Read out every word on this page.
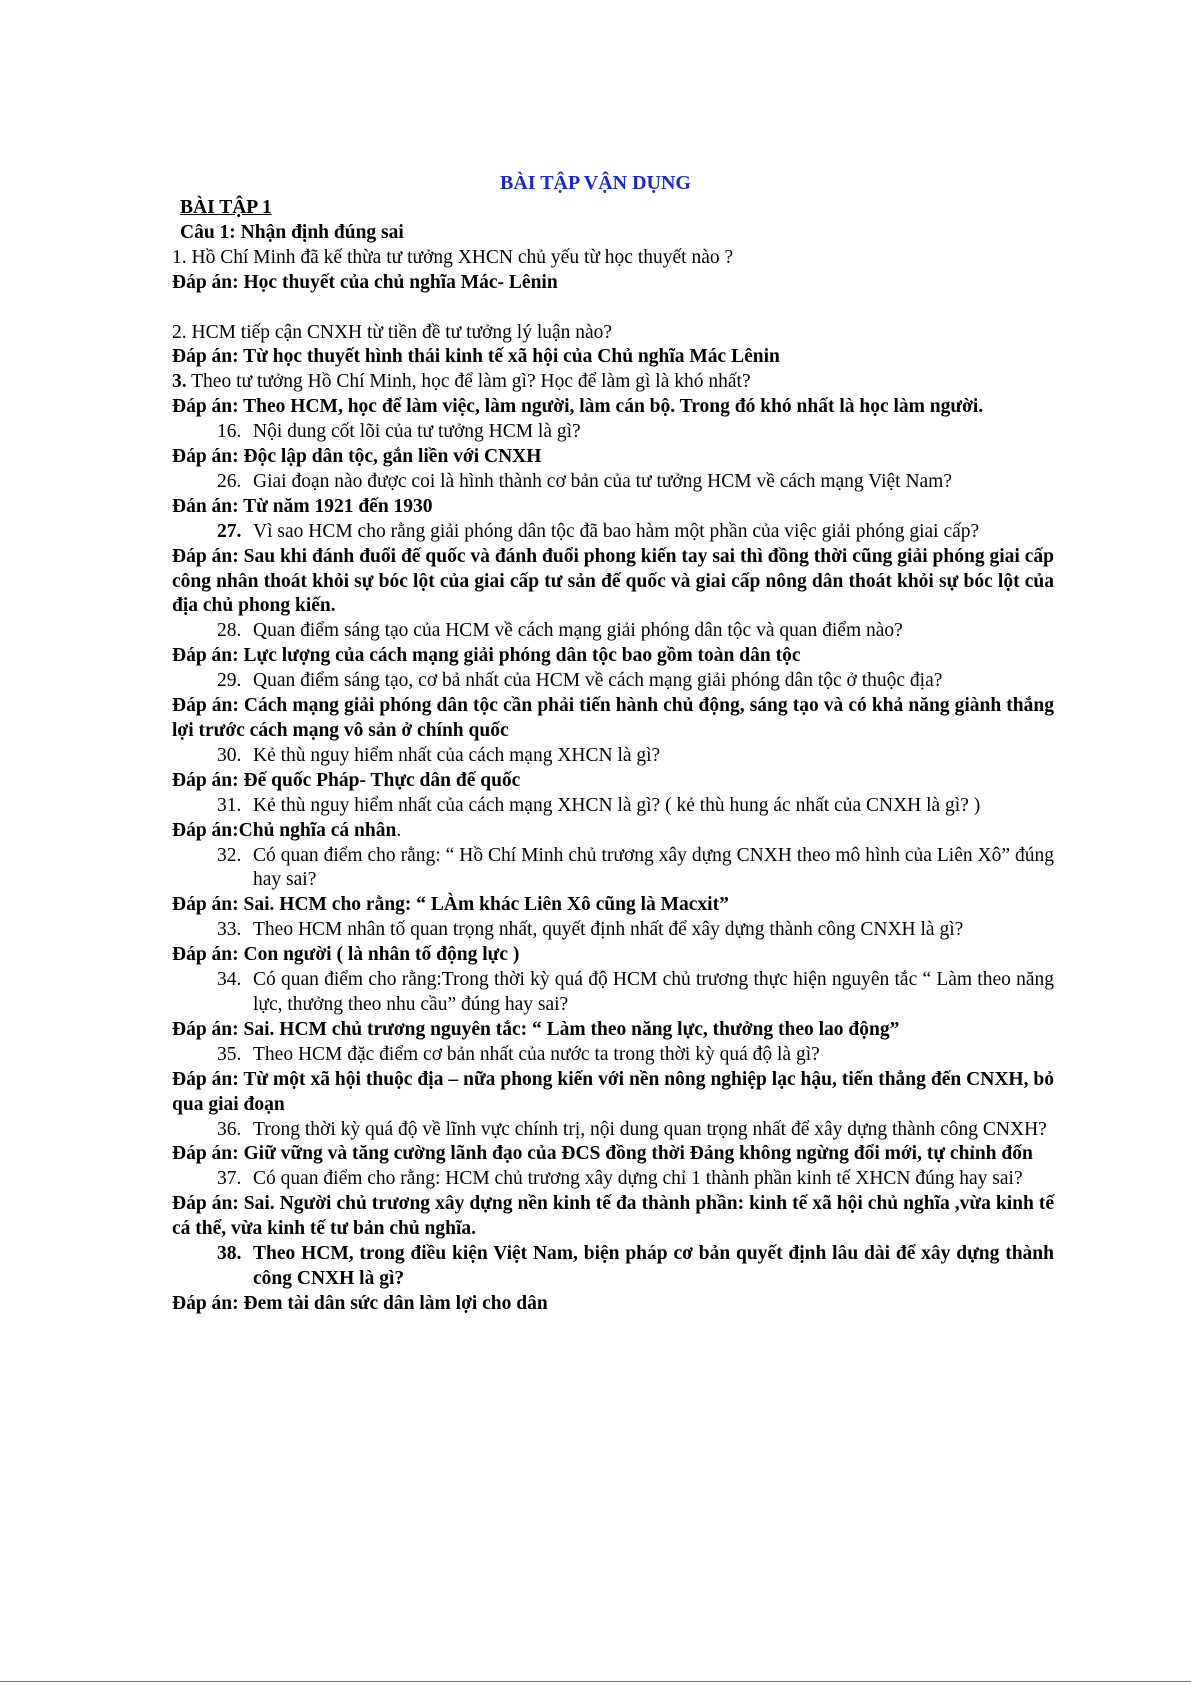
BÀI TẬP VẬN DỤNG

BÀI TẬP 1

Câu 1: Nhận định đúng sai

1. Hồ Chí Minh đã kế thừa tư tưởng XHCN chủ yếu từ học thuyết nào ?

Đáp án: Học thuyết của chủ nghĩa Mác- Lênin

2. HCM tiếp cận CNXH từ tiền đề tư tưởng lý luận nào?

Đáp án: Từ học thuyết hình thái kinh tế xã hội của Chủ nghĩa Mác Lênin

3. Theo tư tưởng Hồ Chí Minh, học để làm gì? Học để làm gì là khó nhất?

Đáp án: Theo HCM, học để làm việc, làm người, làm cán bộ. Trong đó khó nhất là học làm người.

16. Nội dung cốt lõi của tư tưởng HCM là gì?

Đáp án: Độc lập dân tộc, gắn liền với CNXH

26. Giai đoạn nào được coi là hình thành cơ bản của tư tưởng HCM về cách mạng Việt Nam?

Đán án: Từ năm 1921 đến 1930

27. Vì sao HCM cho rằng giải phóng dân tộc đã bao hàm một phần của việc giải phóng giai cấp?

Đáp án: Sau khi đánh đuổi đế quốc và đánh đuổi phong kiến tay sai thì đồng thời cũng giải phóng giai cấp công nhân thoát khỏi sự bóc lột của giai cấp tư sản đế quốc và giai cấp nông dân thoát khỏi sự bóc lột của địa chủ phong kiến.

28. Quan điểm sáng tạo của HCM về cách mạng giải phóng dân tộc và quan điểm nào?

Đáp án: Lực lượng của cách mạng giải phóng dân tộc bao gồm toàn dân tộc

29. Quan điểm sáng tạo, cơ bả nhất của HCM về cách mạng giải phóng dân tộc ở thuộc địa?

Đáp án: Cách mạng giải phóng dân tộc cần phải tiến hành chủ động, sáng tạo và có khả năng giành thắng lợi trước cách mạng vô sản ở chính quốc

30. Kẻ thù nguy hiểm nhất của cách mạng XHCN là gì?

Đáp án: Đế quốc Pháp- Thực dân đế quốc

31. Kẻ thù nguy hiểm nhất của cách mạng XHCN là gì? ( kẻ thù hung ác nhất của CNXH là gì? )

Đáp án:Chủ nghĩa cá nhân.

32. Có quan điểm cho rằng: “ Hồ Chí Minh chủ trương xây dựng CNXH theo mô hình của Liên Xô” đúng hay sai?

Đáp án: Sai. HCM cho rằng: “ LÀm khác Liên Xô cũng là Macxit”

33. Theo HCM nhân tố quan trọng nhất, quyết định nhất để xây dựng thành công CNXH là gì?

Đáp án: Con người ( là nhân tố động lực )

34. Có quan điểm cho rằng:Trong thời kỳ quá độ HCM chủ trương thực hiện nguyên tắc “ Làm theo năng lực, thưởng theo nhu cầu” đúng hay sai?

Đáp án: Sai. HCM chủ trương nguyên tắc: “ Làm theo năng lực, thưởng theo lao động”

35. Theo HCM đặc điểm cơ bản nhất của nước ta trong thời kỳ quá độ là gì?

Đáp án: Từ một xã hội thuộc địa – nữa phong kiến với nền nông nghiệp lạc hậu, tiến thẳng đến CNXH, bỏ qua giai đoạn

36. Trong thời kỳ quá độ về lĩnh vực chính trị, nội dung quan trọng nhất để xây dựng thành công CNXH?

Đáp án: Giữ vững và tăng cường lãnh đạo của ĐCS đồng thời Đảng không ngừng đổi mới, tự chỉnh đốn

37. Có quan điểm cho rằng: HCM chủ trương xây dựng chỉ 1 thành phần kinh tế XHCN đúng hay sai?

Đáp án: Sai. Người chủ trương xây dựng nền kinh tế đa thành phần: kinh tế xã hội chủ nghĩa ,vừa kinh tế cá thể, vừa kinh tế tư bản chủ nghĩa.

38. Theo HCM, trong điều kiện Việt Nam, biện pháp cơ bản quyết định lâu dài để xây dựng thành công CNXH là gì?

Đáp án: Đem tài dân sức dân làm lợi cho dân
